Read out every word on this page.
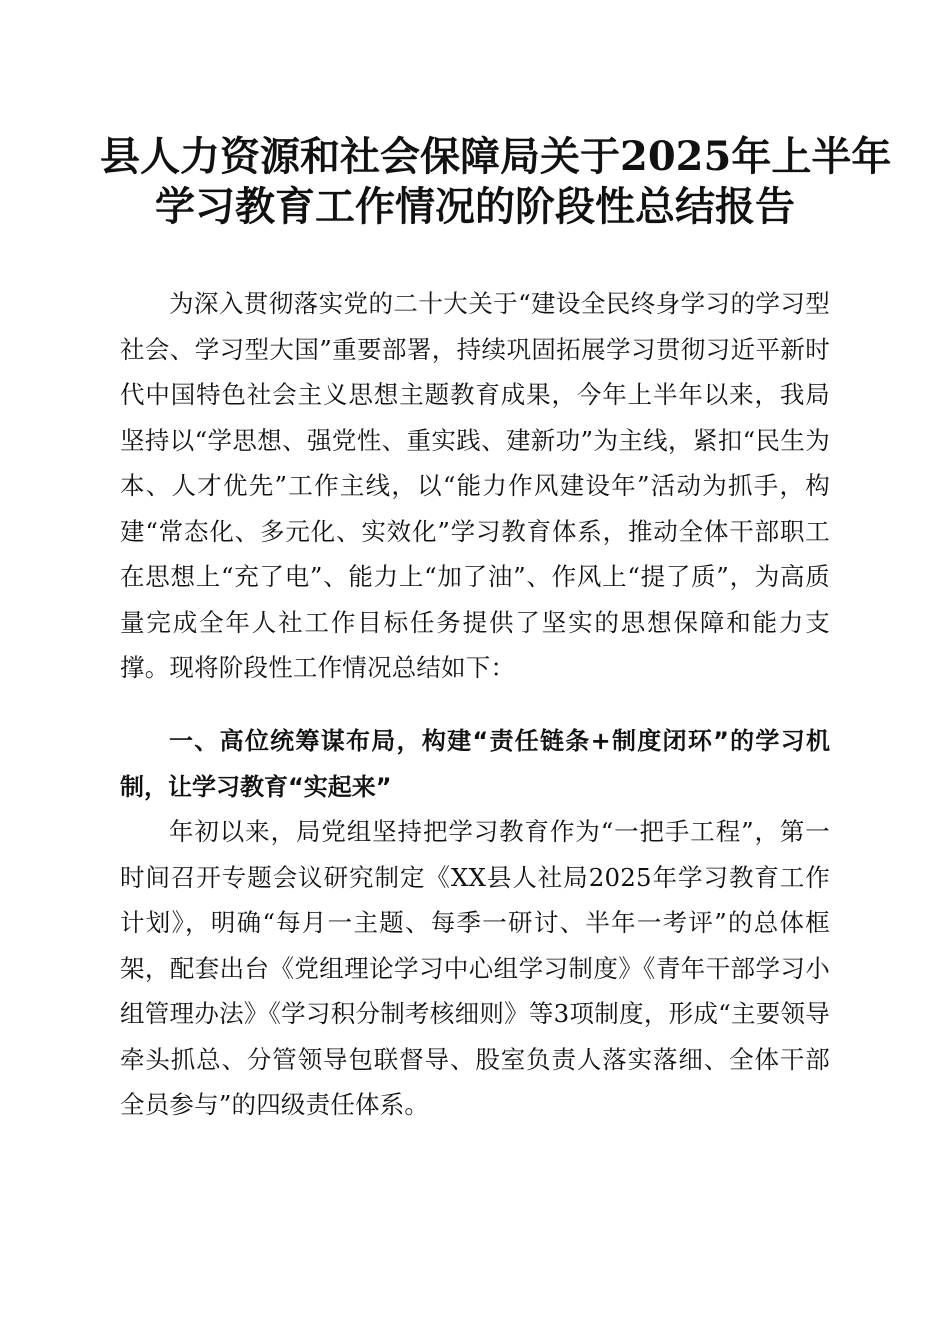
县人力资源和社会保障局关于2025年上半年
学习教育工作情况的阶段性总结报告

为深入贯彻落实党的二十大关于“建设全民终身学习的学习型社会、学习型大国”重要部署，持续巩固拓展学习贯彻习近平新时代中国特色社会主义思想主题教育成果，今年上半年以来，我局坚持以“学思想、强党性、重实践、建新功”为主线，紧扣“民生为本、人才优先”工作主线，以“能力作风建设年”活动为抓手，构建“常态化、多元化、实效化”学习教育体系，推动全体干部职工在思想上“充了电”、能力上“加了油”、作风上“提了质”，为高质量完成全年人社工作目标任务提供了坚实的思想保障和能力支撑。现将阶段性工作情况总结如下：

一、高位统筹谋布局，构建“责任链条+制度闭环”的学习机制，让学习教育“实起来”

年初以来，局党组坚持把学习教育作为“一把手工程”，第一时间召开专题会议研究制定《XX县人社局2025年学习教育工作计划》，明确“每月一主题、每季一研讨、半年一考评”的总体框架，配套出台《党组理论学习中心组学习制度》《青年干部学习小组管理办法》《学习积分制考核细则》等3项制度，形成“主要领导牵头抓总、分管领导包联督导、股室负责人落实落细、全体干部全员参与”的四级责任体系。
